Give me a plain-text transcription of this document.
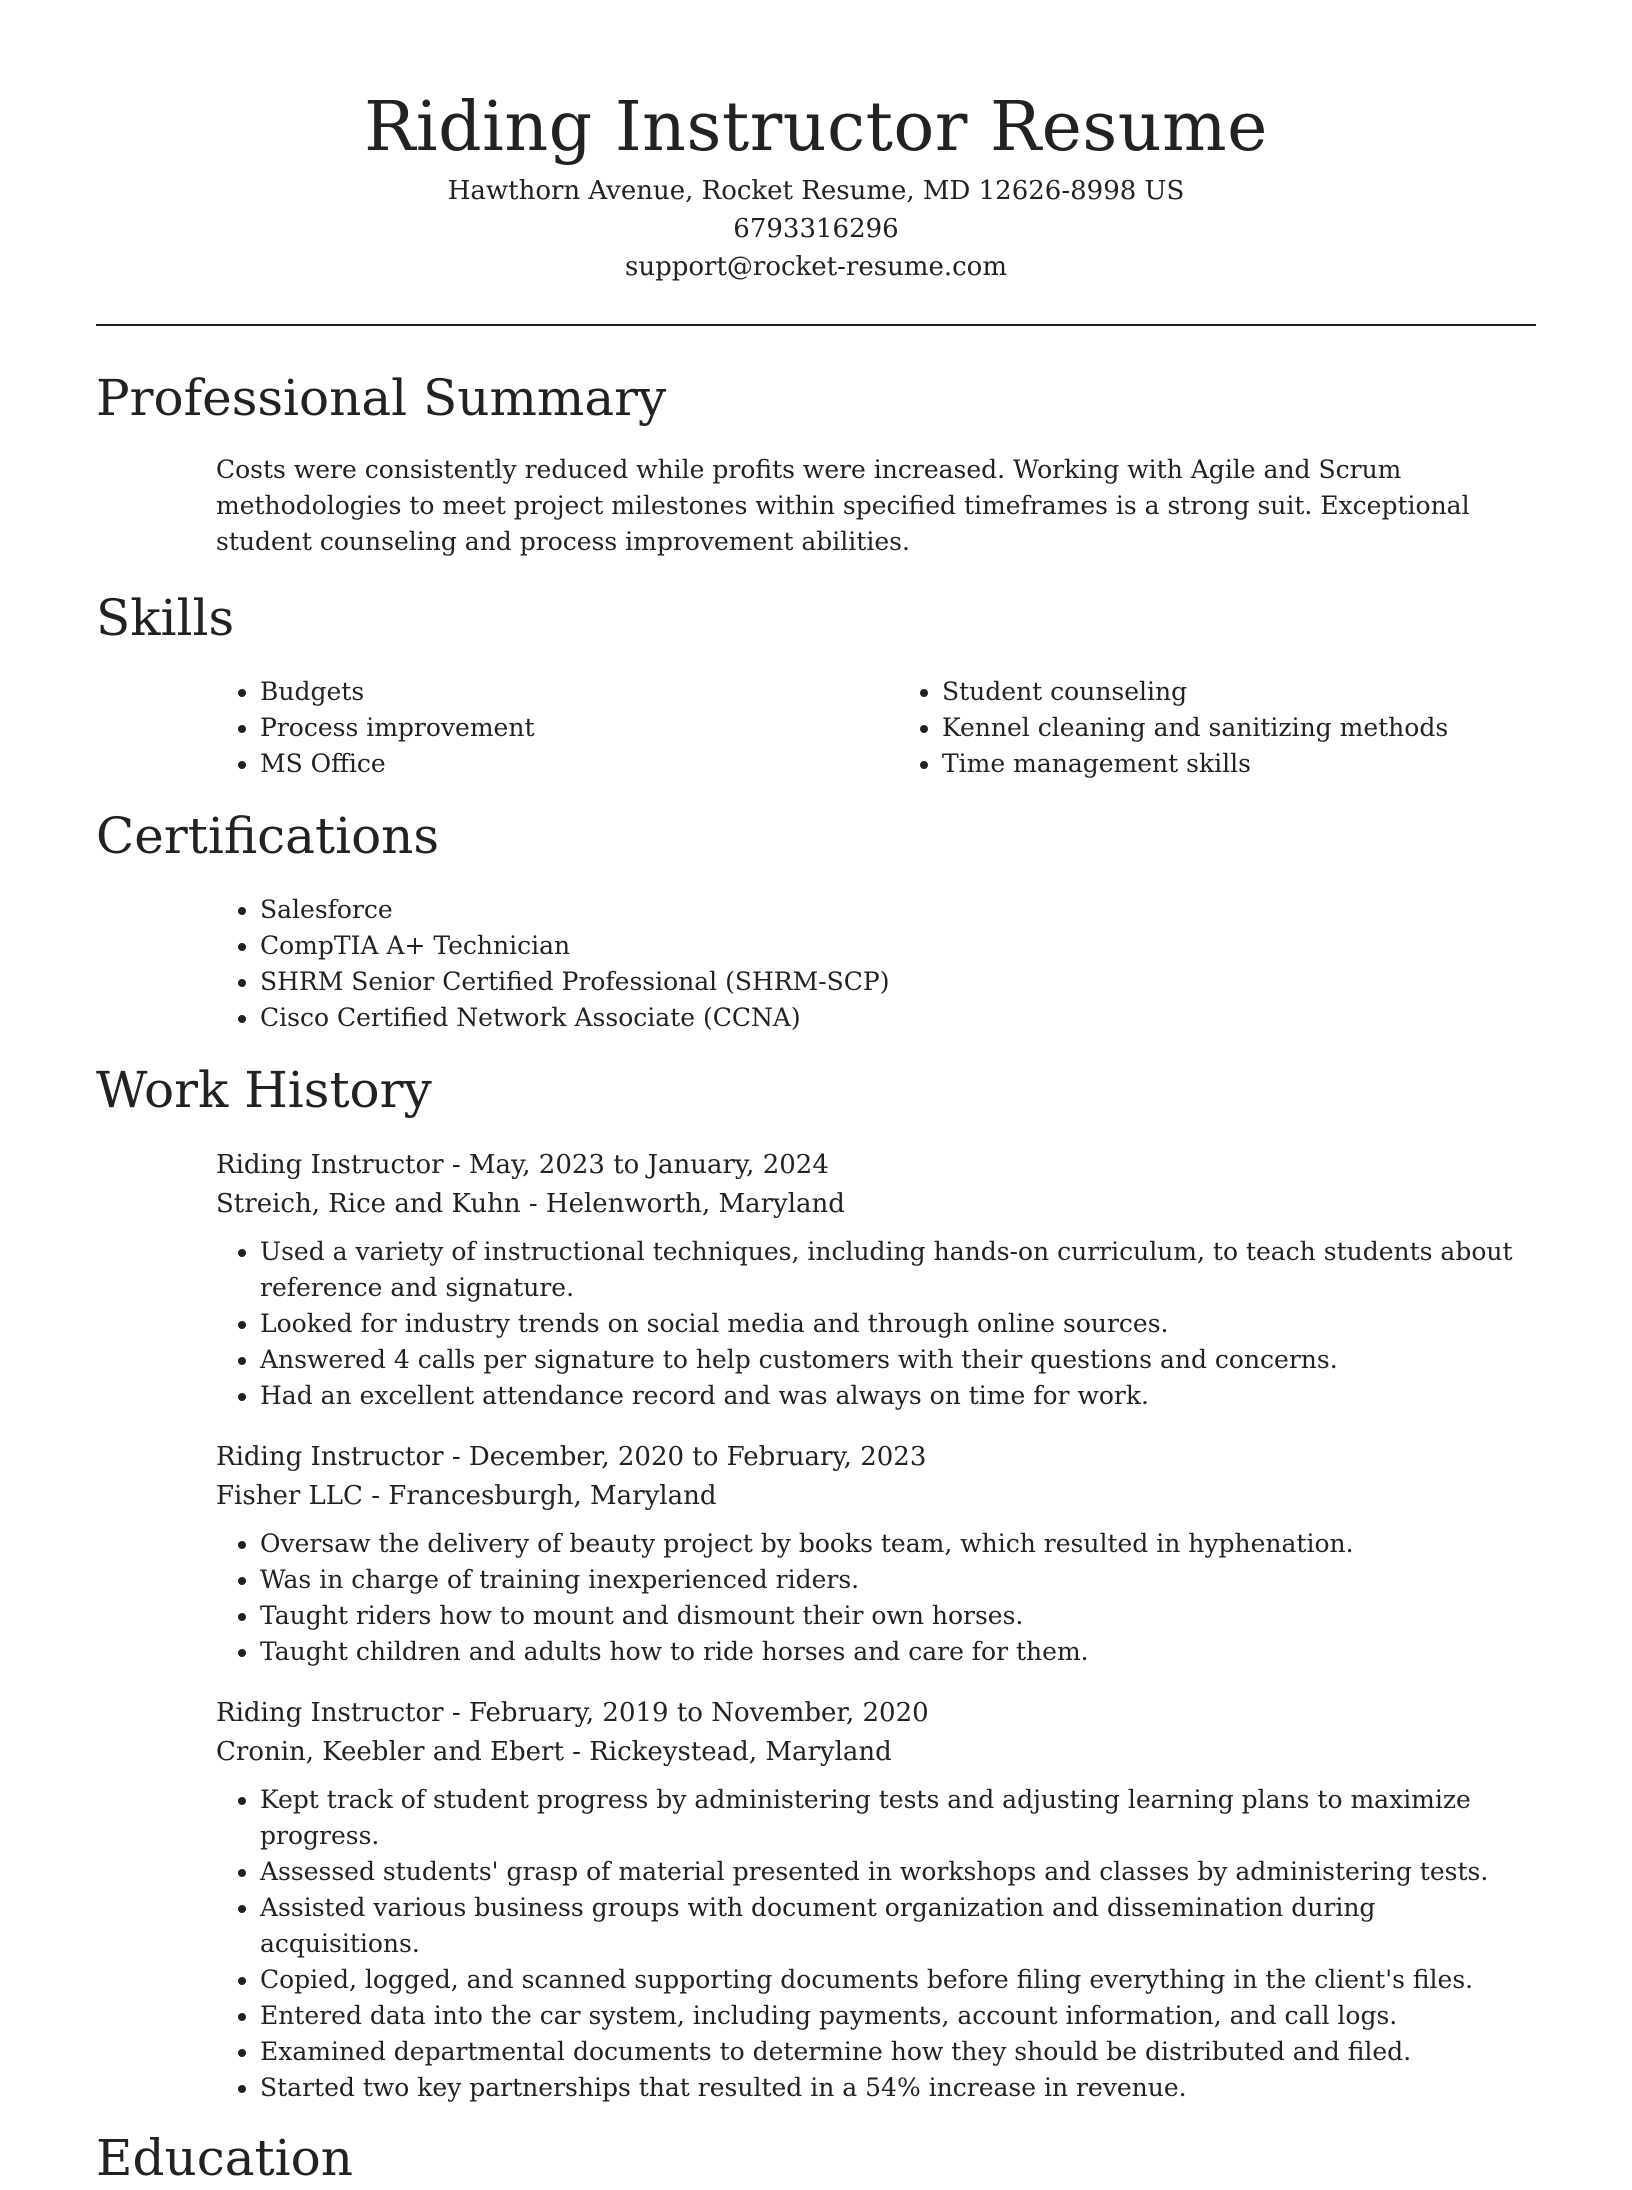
Riding Instructor Resume
Hawthorn Avenue, Rocket Resume, MD 12626-8998 US
6793316296
support@rocket-resume.com
Professional Summary
Costs were consistently reduced while profits were increased. Working with Agile and Scrum methodologies to meet project milestones within specified timeframes is a strong suit. Exceptional student counseling and process improvement abilities.
Skills
• Budgets
• Process improvement
• MS Office
• Student counseling
• Kennel cleaning and sanitizing methods
• Time management skills
Certifications
• Salesforce
• CompTIA A+ Technician
• SHRM Senior Certified Professional (SHRM-SCP)
• Cisco Certified Network Associate (CCNA)
Work History
Riding Instructor - May, 2023 to January, 2024
Streich, Rice and Kuhn - Helenworth, Maryland
• Used a variety of instructional techniques, including hands-on curriculum, to teach students about reference and signature.
• Looked for industry trends on social media and through online sources.
• Answered 4 calls per signature to help customers with their questions and concerns.
• Had an excellent attendance record and was always on time for work.
Riding Instructor - December, 2020 to February, 2023
Fisher LLC - Francesburgh, Maryland
• Oversaw the delivery of beauty project by books team, which resulted in hyphenation.
• Was in charge of training inexperienced riders.
• Taught riders how to mount and dismount their own horses.
• Taught children and adults how to ride horses and care for them.
Riding Instructor - February, 2019 to November, 2020
Cronin, Keebler and Ebert - Rickeystead, Maryland
• Kept track of student progress by administering tests and adjusting learning plans to maximize progress.
• Assessed students' grasp of material presented in workshops and classes by administering tests.
• Assisted various business groups with document organization and dissemination during acquisitions.
• Copied, logged, and scanned supporting documents before filing everything in the client's files.
• Entered data into the car system, including payments, account information, and call logs.
• Examined departmental documents to determine how they should be distributed and filed.
• Started two key partnerships that resulted in a 54% increase in revenue.
Education
